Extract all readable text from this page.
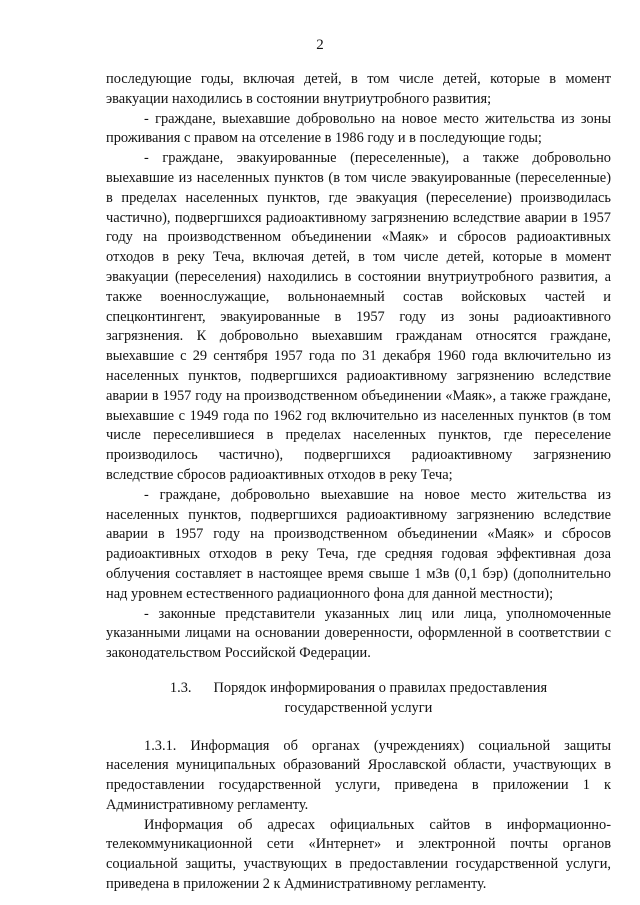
2

последующие годы, включая детей, в том числе детей, которые в момент эвакуации находились в состоянии внутриутробного развития;

- граждане, выехавшие добровольно на новое место жительства из зоны проживания с правом на отселение в 1986 году и в последующие годы;

- граждане, эвакуированные (переселенные), а также добровольно выехавшие из населенных пунктов (в том числе эвакуированные (переселенные) в пределах населенных пунктов, где эвакуация (переселение) производилась частично), подвергшихся радиоактивному загрязнению вследствие аварии в 1957 году на производственном объединении «Маяк» и сбросов радиоактивных отходов в реку Теча, включая детей, в том числе детей, которые в момент эвакуации (переселения) находились в состоянии внутриутробного развития, а также военнослужащие, вольнонаемный состав войсковых частей и спецконтингент, эвакуированные в 1957 году из зоны радиоактивного загрязнения. К добровольно выехавшим гражданам относятся граждане, выехавшие с 29 сентября 1957 года по 31 декабря 1960 года включительно из населенных пунктов, подвергшихся радиоактивному загрязнению вследствие аварии в 1957 году на производственном объединении «Маяк», а также граждане, выехавшие с 1949 года по 1962 год включительно из населенных пунктов (в том числе переселившиеся в пределах населенных пунктов, где переселение производилось частично), подвергшихся радиоактивному загрязнению вследствие сбросов радиоактивных отходов в реку Теча;

- граждане, добровольно выехавшие на новое место жительства из населенных пунктов, подвергшихся радиоактивному загрязнению вследствие аварии в 1957 году на производственном объединении «Маяк» и сбросов радиоактивных отходов в реку Теча, где средняя годовая эффективная доза облучения составляет в настоящее время свыше 1 мЗв (0,1 бэр) (дополнительно над уровнем естественного радиационного фона для данной местности);

- законные представители указанных лиц или лица, уполномоченные указанными лицами на основании доверенности, оформленной в соответствии с законодательством Российской Федерации.

1.3. Порядок информирования о правилах предоставления государственной услуги

1.3.1. Информация об органах (учреждениях) социальной защиты населения муниципальных образований Ярославской области, участвующих в предоставлении государственной услуги, приведена в приложении 1 к Административному регламенту.

Информация об адресах официальных сайтов в информационно-телекоммуникационной сети «Интернет» и электронной почты органов социальной защиты, участвующих в предоставлении государственной услуги, приведена в приложении 2 к Административному регламенту.
